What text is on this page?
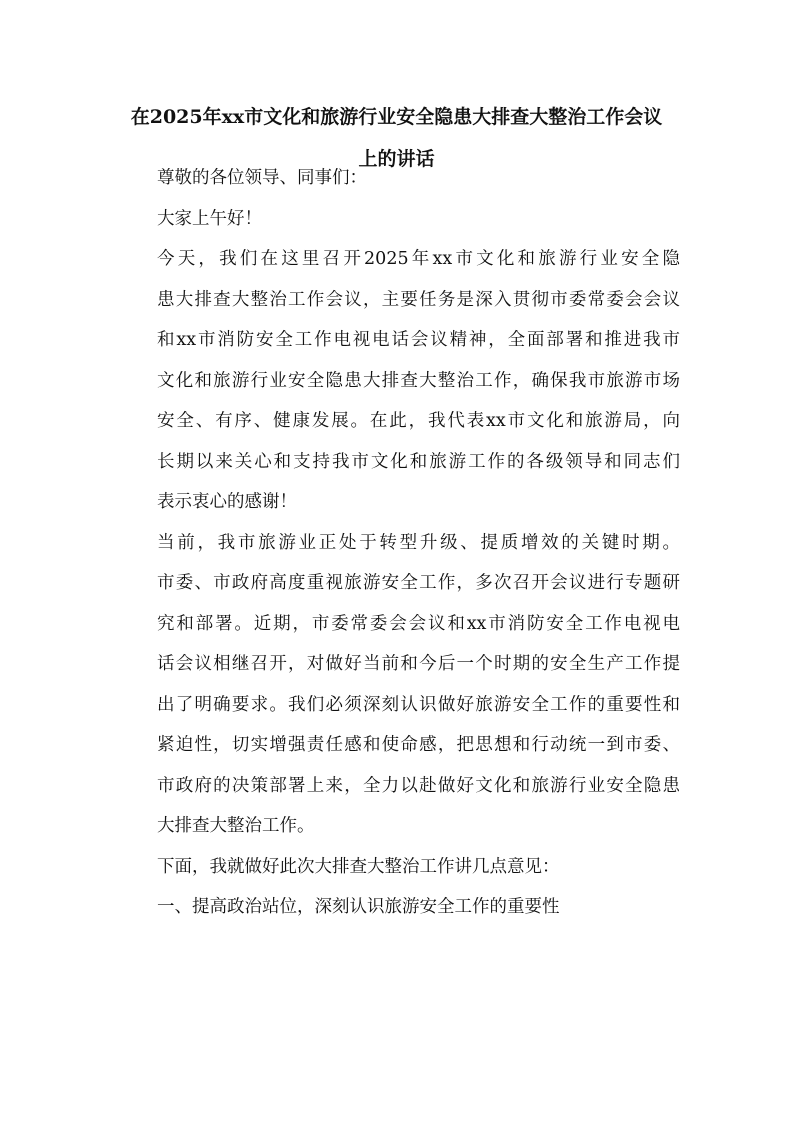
在2025年xx市文化和旅游行业安全隐患大排查大整治工作会议
上的讲话
尊敬的各位领导、同事们：
大家上午好！
今天，我们在这里召开2025年xx市文化和旅游行业安全隐
患大排查大整治工作会议，主要任务是深入贯彻市委常委会会议
和xx市消防安全工作电视电话会议精神，全面部署和推进我市
文化和旅游行业安全隐患大排查大整治工作，确保我市旅游市场
安全、有序、健康发展。在此，我代表xx市文化和旅游局，向
长期以来关心和支持我市文化和旅游工作的各级领导和同志们
表示衷心的感谢！
当前，我市旅游业正处于转型升级、提质增效的关键时期。
市委、市政府高度重视旅游安全工作，多次召开会议进行专题研
究和部署。近期，市委常委会会议和xx市消防安全工作电视电
话会议相继召开，对做好当前和今后一个时期的安全生产工作提
出了明确要求。我们必须深刻认识做好旅游安全工作的重要性和
紧迫性，切实增强责任感和使命感，把思想和行动统一到市委、
市政府的决策部署上来，全力以赴做好文化和旅游行业安全隐患
大排查大整治工作。
下面，我就做好此次大排查大整治工作讲几点意见：
一、提高政治站位，深刻认识旅游安全工作的重要性
